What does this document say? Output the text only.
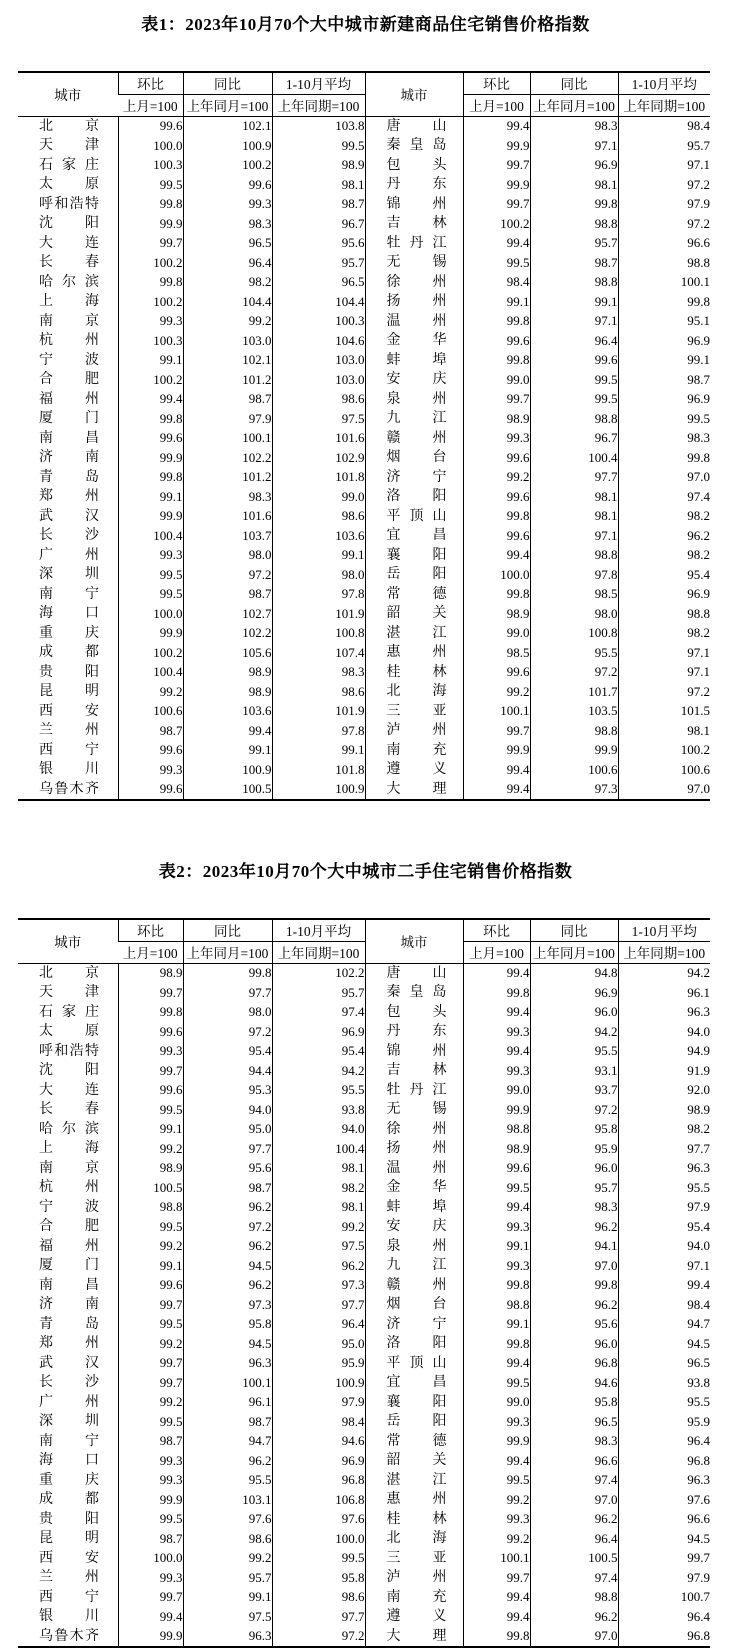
表1：2023年10月70个大中城市新建商品住宅销售价格指数
城市	环比	同比	1-10月平均	城市	环比	同比	1-10月平均
	上月=100	上年同月=100	上年同期=100		上月=100	上年同月=100	上年同期=100
北京	99.6	102.1	103.8	唐山	99.4	98.3	98.4
天津	100.0	100.9	99.5	秦皇岛	99.9	97.1	95.7
石家庄	100.3	100.2	98.9	包头	99.7	96.9	97.1
太原	99.5	99.6	98.1	丹东	99.9	98.1	97.2
呼和浩特	99.8	99.3	98.7	锦州	99.7	99.8	97.9
沈阳	99.9	98.3	96.7	吉林	100.2	98.8	97.2
大连	99.7	96.5	95.6	牡丹江	99.4	95.7	96.6
长春	100.2	96.4	95.7	无锡	99.5	98.7	98.8
哈尔滨	99.8	98.2	96.5	徐州	98.4	98.8	100.1
上海	100.2	104.4	104.4	扬州	99.1	99.1	99.8
南京	99.3	99.2	100.3	温州	99.8	97.1	95.1
杭州	100.3	103.0	104.6	金华	99.6	96.4	96.9
宁波	99.1	102.1	103.0	蚌埠	99.8	99.6	99.1
合肥	100.2	101.2	103.0	安庆	99.0	99.5	98.7
福州	99.4	98.7	98.6	泉州	99.7	99.5	96.9
厦门	99.8	97.9	97.5	九江	98.9	98.8	99.5
南昌	99.6	100.1	101.6	赣州	99.3	96.7	98.3
济南	99.9	102.2	102.9	烟台	99.6	100.4	99.8
青岛	99.8	101.2	101.8	济宁	99.2	97.7	97.0
郑州	99.1	98.3	99.0	洛阳	99.6	98.1	97.4
武汉	99.9	101.6	98.6	平顶山	99.8	98.1	98.2
长沙	100.4	103.7	103.6	宜昌	99.6	97.1	96.2
广州	99.3	98.0	99.1	襄阳	99.4	98.8	98.2
深圳	99.5	97.2	98.0	岳阳	100.0	97.8	95.4
南宁	99.5	98.7	97.8	常德	99.8	98.5	96.9
海口	100.0	102.7	101.9	韶关	98.9	98.0	98.8
重庆	99.9	102.2	100.8	湛江	99.0	100.8	98.2
成都	100.2	105.6	107.4	惠州	98.5	95.5	97.1
贵阳	100.4	98.9	98.3	桂林	99.6	97.2	97.1
昆明	99.2	98.9	98.6	北海	99.2	101.7	97.2
西安	100.6	103.6	101.9	三亚	100.1	103.5	101.5
兰州	98.7	99.4	97.8	泸州	99.7	98.8	98.1
西宁	99.6	99.1	99.1	南充	99.9	99.9	100.2
银川	99.3	100.9	101.8	遵义	99.4	100.6	100.6
乌鲁木齐	99.6	100.5	100.9	大理	99.4	97.3	97.0
表2：2023年10月70个大中城市二手住宅销售价格指数
城市	环比	同比	1-10月平均	城市	环比	同比	1-10月平均
	上月=100	上年同月=100	上年同期=100		上月=100	上年同月=100	上年同期=100
北京	98.9	99.8	102.2	唐山	99.4	94.8	94.2
天津	99.7	97.7	95.7	秦皇岛	99.8	96.9	96.1
石家庄	99.8	98.0	97.4	包头	99.4	96.0	96.3
太原	99.6	97.2	96.9	丹东	99.3	94.2	94.0
呼和浩特	99.3	95.4	95.4	锦州	99.4	95.5	94.9
沈阳	99.7	94.4	94.2	吉林	99.3	93.1	91.9
大连	99.6	95.3	95.5	牡丹江	99.0	93.7	92.0
长春	99.5	94.0	93.8	无锡	99.9	97.2	98.9
哈尔滨	99.1	95.0	94.0	徐州	98.8	95.8	98.2
上海	99.2	97.7	100.4	扬州	98.9	95.9	97.7
南京	98.9	95.6	98.1	温州	99.6	96.0	96.3
杭州	100.5	98.7	98.2	金华	99.5	95.7	95.5
宁波	98.8	96.2	98.1	蚌埠	99.4	98.3	97.9
合肥	99.5	97.2	99.2	安庆	99.3	96.2	95.4
福州	99.2	96.2	97.5	泉州	99.1	94.1	94.0
厦门	99.1	94.5	96.2	九江	99.3	97.0	97.1
南昌	99.6	96.2	97.3	赣州	99.8	99.8	99.4
济南	99.7	97.3	97.7	烟台	98.8	96.2	98.4
青岛	99.5	95.8	96.4	济宁	99.1	95.6	94.7
郑州	99.2	94.5	95.0	洛阳	99.8	96.0	94.5
武汉	99.7	96.3	95.9	平顶山	99.4	96.8	96.5
长沙	99.7	100.1	100.9	宜昌	99.5	94.6	93.8
广州	99.2	96.1	97.9	襄阳	99.0	95.8	95.5
深圳	99.5	98.7	98.4	岳阳	99.3	96.5	95.9
南宁	98.7	94.7	94.6	常德	99.9	98.3	96.4
海口	99.3	96.2	96.9	韶关	99.4	96.6	96.8
重庆	99.3	95.5	96.8	湛江	99.5	97.4	96.3
成都	99.9	103.1	106.8	惠州	99.2	97.0	97.6
贵阳	99.5	97.6	97.6	桂林	99.3	96.2	96.6
昆明	98.7	98.6	100.0	北海	99.2	96.4	94.5
西安	100.0	99.2	99.5	三亚	100.1	100.5	99.7
兰州	99.3	95.7	95.8	泸州	99.7	97.4	97.9
西宁	99.7	99.1	98.6	南充	99.4	98.8	100.7
银川	99.4	97.5	97.7	遵义	99.4	96.2	96.4
乌鲁木齐	99.9	96.3	97.2	大理	99.8	97.0	96.8
